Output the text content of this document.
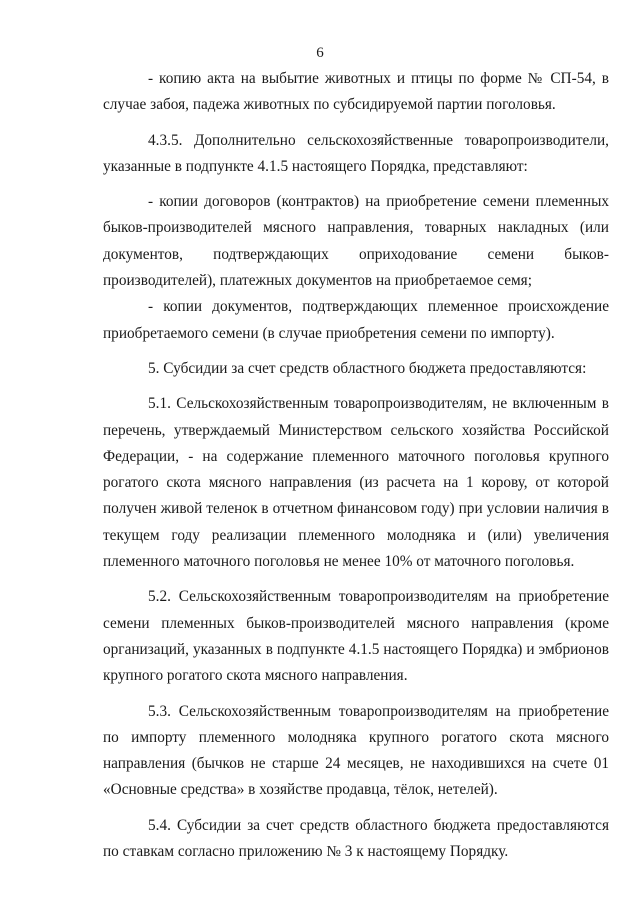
6

- копию акта на выбытие животных и птицы по форме № СП-54, в случае забоя, падежа животных по субсидируемой партии поголовья.

4.3.5. Дополнительно сельскохозяйственные товаропроизводители, указанные в подпункте 4.1.5 настоящего Порядка, представляют:

- копии договоров (контрактов) на приобретение семени племенных быков-производителей мясного направления, товарных накладных (или документов, подтверждающих оприходование семени быков-производителей), платежных документов на приобретаемое семя;

- копии документов, подтверждающих племенное происхождение приобретаемого семени (в случае приобретения семени по импорту).

5. Субсидии за счет средств областного бюджета предоставляются:

5.1. Сельскохозяйственным товаропроизводителям, не включенным в перечень, утверждаемый Министерством сельского хозяйства Российской Федерации, - на содержание племенного маточного поголовья крупного рогатого скота мясного направления (из расчета на 1 корову, от которой получен живой теленок в отчетном финансовом году) при условии наличия в текущем году реализации племенного молодняка и (или) увеличения племенного маточного поголовья не менее 10% от маточного поголовья.

5.2. Сельскохозяйственным товаропроизводителям на приобретение семени племенных быков-производителей мясного направления (кроме организаций, указанных в подпункте 4.1.5 настоящего Порядка) и эмбрионов крупного рогатого скота мясного направления.

5.3. Сельскохозяйственным товаропроизводителям на приобретение по импорту племенного молодняка крупного рогатого скота мясного направления (бычков не старше 24 месяцев, не находившихся на счете 01 «Основные средства» в хозяйстве продавца, тёлок, нетелей).

5.4. Субсидии за счет средств областного бюджета предоставляются по ставкам согласно приложению № 3 к настоящему Порядку.
